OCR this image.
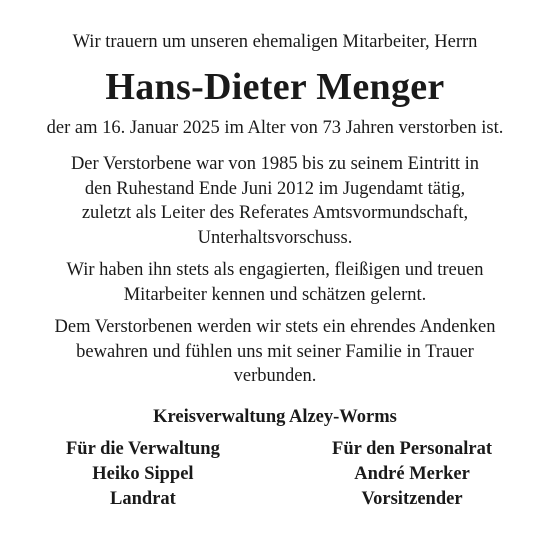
Wir trauern um unseren ehemaligen Mitarbeiter, Herrn

Hans-Dieter Menger

der am 16. Januar 2025 im Alter von 73 Jahren verstorben ist.

Der Verstorbene war von 1985 bis zu seinem Eintritt in
den Ruhestand Ende Juni 2012 im Jugendamt tätig,
zuletzt als Leiter des Referates Amtsvormundschaft,
Unterhaltsvorschuss.

Wir haben ihn stets als engagierten, fleißigen und treuen
Mitarbeiter kennen und schätzen gelernt.

Dem Verstorbenen werden wir stets ein ehrendes Andenken
bewahren und fühlen uns mit seiner Familie in Trauer
verbunden.

Kreisverwaltung Alzey-Worms
Für die Verwaltung
Heiko Sippel
Landrat
Für den Personalrat
André Merker
Vorsitzender
